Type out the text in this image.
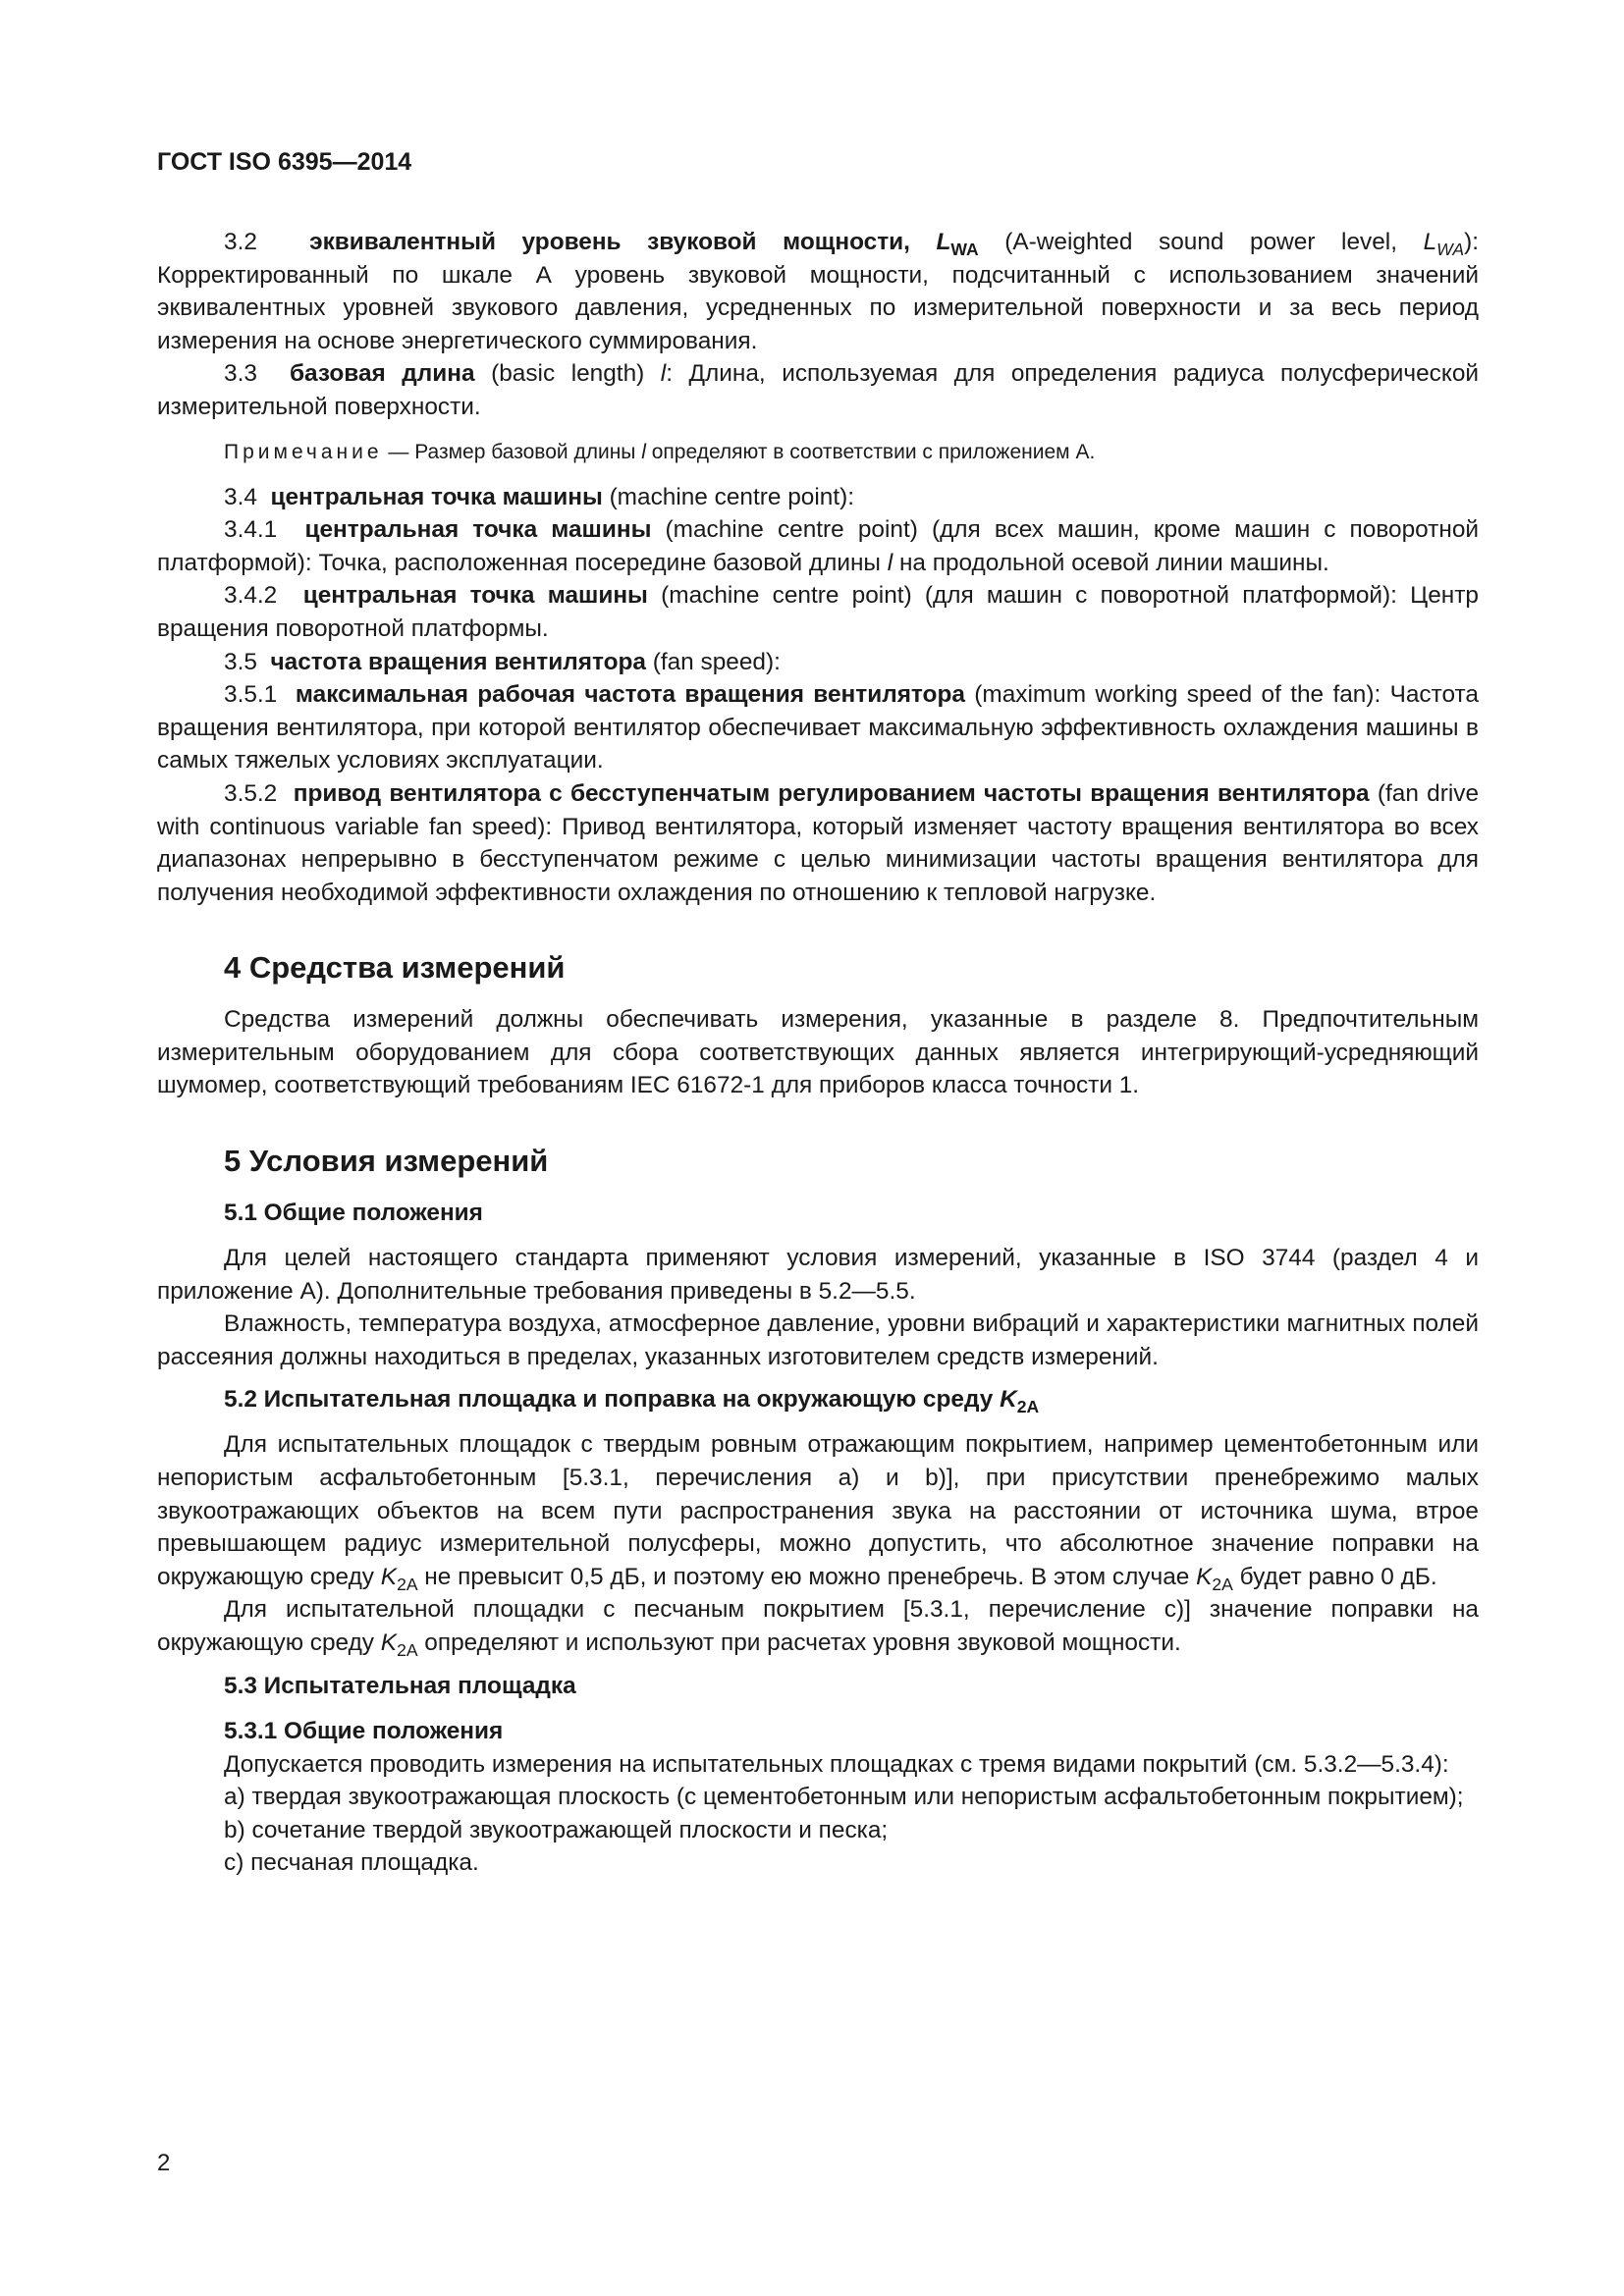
ГОСТ ISO 6395—2014

3.2 эквивалентный уровень звуковой мощности, $L_{WA}$ (A-weighted sound power level, $L_{WA}$): Корректированный по шкале А уровень звуковой мощности, подсчитанный с использованием значений эквивалентных уровней звукового давления, усредненных по измерительной поверхности и за весь период измерения на основе энергетического суммирования.

3.3 базовая длина (basic length) l: Длина, используемая для определения радиуса полусферической измерительной поверхности.

Примечание — Размер базовой длины l определяют в соответствии с приложением А.

3.4 центральная точка машины (machine centre point):

3.4.1 центральная точка машины (machine centre point) (для всех машин, кроме машин с поворотной платформой): Точка, расположенная посередине базовой длины l на продольной осевой линии машины.

3.4.2 центральная точка машины (machine centre point) (для машин с поворотной платформой): Центр вращения поворотной платформы.

3.5 частота вращения вентилятора (fan speed):

3.5.1 максимальная рабочая частота вращения вентилятора (maximum working speed of the fan): Частота вращения вентилятора, при которой вентилятор обеспечивает максимальную эффективность охлаждения машины в самых тяжелых условиях эксплуатации.

3.5.2 привод вентилятора с бесступенчатым регулированием частоты вращения вентилятора (fan drive with continuous variable fan speed): Привод вентилятора, который изменяет частоту вращения вентилятора во всех диапазонах непрерывно в бесступенчатом режиме с целью минимизации частоты вращения вентилятора для получения необходимой эффективности охлаждения по отношению к тепловой нагрузке.

4 Средства измерений

Средства измерений должны обеспечивать измерения, указанные в разделе 8. Предпочтительным измерительным оборудованием для сбора соответствующих данных является интегрирующий-усредняющий шумомер, соответствующий требованиям IEC 61672-1 для приборов класса точности 1.

5 Условия измерений
5.1 Общие положения

Для целей настоящего стандарта применяют условия измерений, указанные в ISO 3744 (раздел 4 и приложение А). Дополнительные требования приведены в 5.2—5.5.

Влажность, температура воздуха, атмосферное давление, уровни вибраций и характеристики магнитных полей рассеяния должны находиться в пределах, указанных изготовителем средств измерений.

5.2 Испытательная площадка и поправка на окружающую среду $K_{2A}$

Для испытательных площадок с твердым ровным отражающим покрытием, например цементобетонным или непористым асфальтобетонным [5.3.1, перечисления а) и b)], при присутствии пренебрежимо малых звукоотражающих объектов на всем пути распространения звука на расстоянии от источника шума, втрое превышающем радиус измерительной полусферы, можно допустить, что абсолютное значение поправки на окружающую среду $K_{2A}$ не превысит 0,5 дБ, и поэтому ею можно пренебречь. В этом случае $K_{2A}$ будет равно 0 дБ.

Для испытательной площадки с песчаным покрытием [5.3.1, перечисление с)] значение поправки на окружающую среду $K_{2A}$ определяют и используют при расчетах уровня звуковой мощности.

5.3 Испытательная площадка
5.3.1 Общие положения

Допускается проводить измерения на испытательных площадках с тремя видами покрытий (см. 5.3.2—5.3.4):

а) твердая звукоотражающая плоскость (с цементобетонным или непористым асфальтобетонным покрытием);

b) сочетание твердой звукоотражающей плоскости и песка;

с) песчаная площадка.

2
